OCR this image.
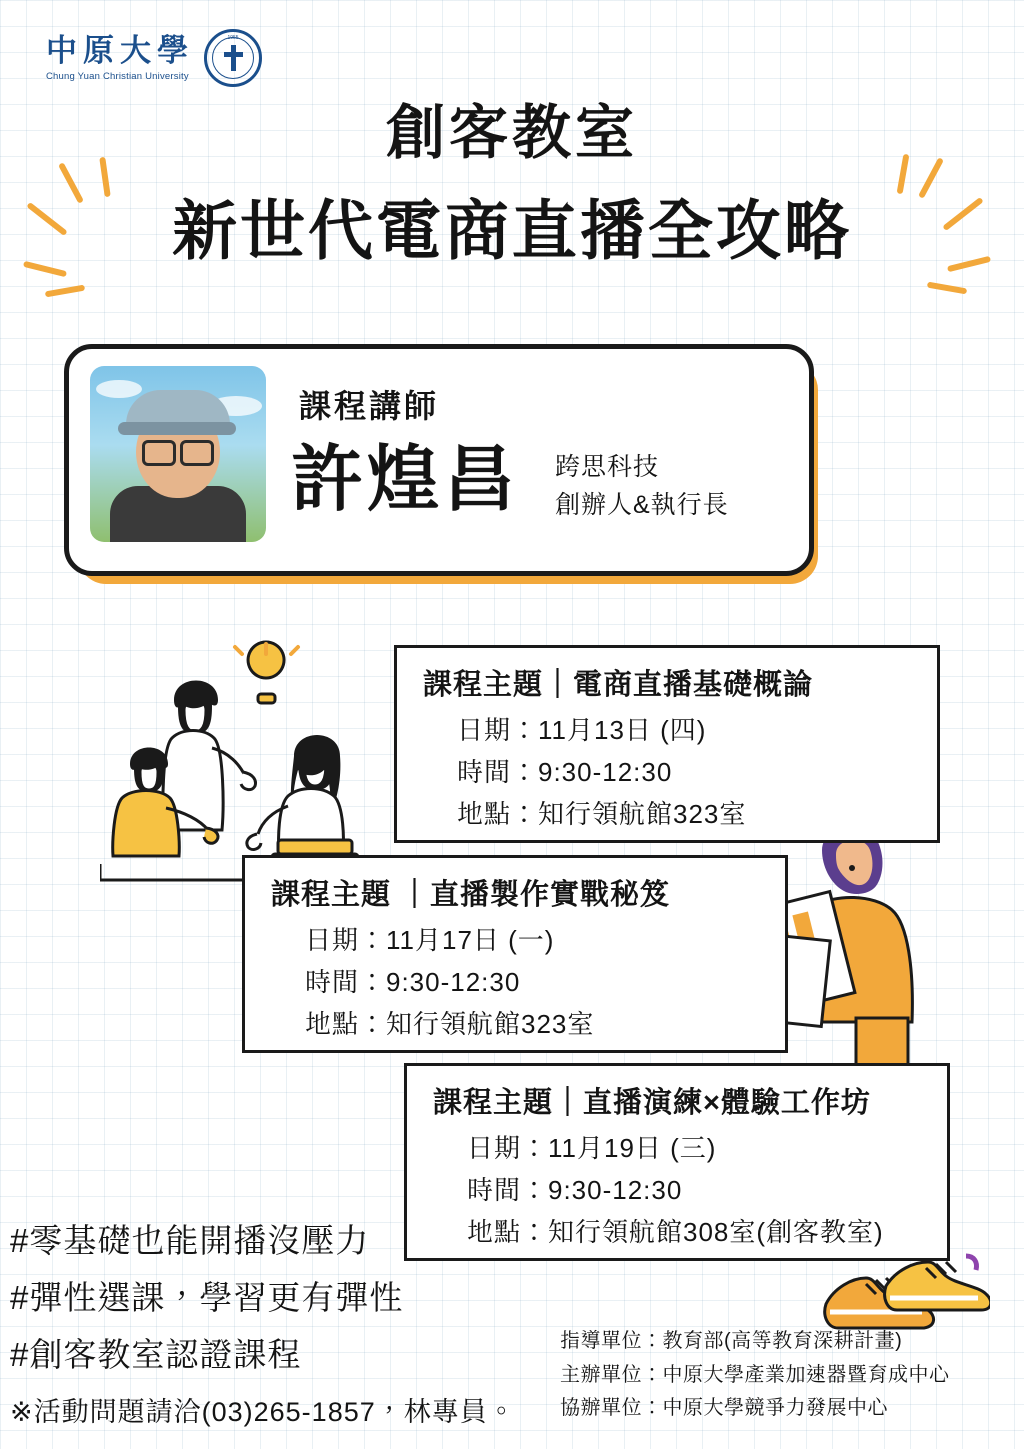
中原大學
Chung Yuan Christian University
1955
創客教室
新世代電商直播全攻略
課程講師
許煌昌 跨思科技
創辦人&執行長
課程主題｜電商直播基礎概論
日期：11月13日 (四)
時間：9:30-12:30
地點：知行領航館323室
課程主題 ｜直播製作實戰秘笈
日期：11月17日 (一)
時間：9:30-12:30
地點：知行領航館323室
課程主題｜直播演練×體驗工作坊
日期：11月19日 (三)
時間：9:30-12:30
地點：知行領航館308室(創客教室)
#零基礎也能開播沒壓力
#彈性選課，學習更有彈性
#創客教室認證課程
※活動問題請洽(03)265-1857，林專員。
指導單位：教育部(高等教育深耕計畫)
主辦單位：中原大學產業加速器暨育成中心
協辦單位：中原大學競爭力發展中心
